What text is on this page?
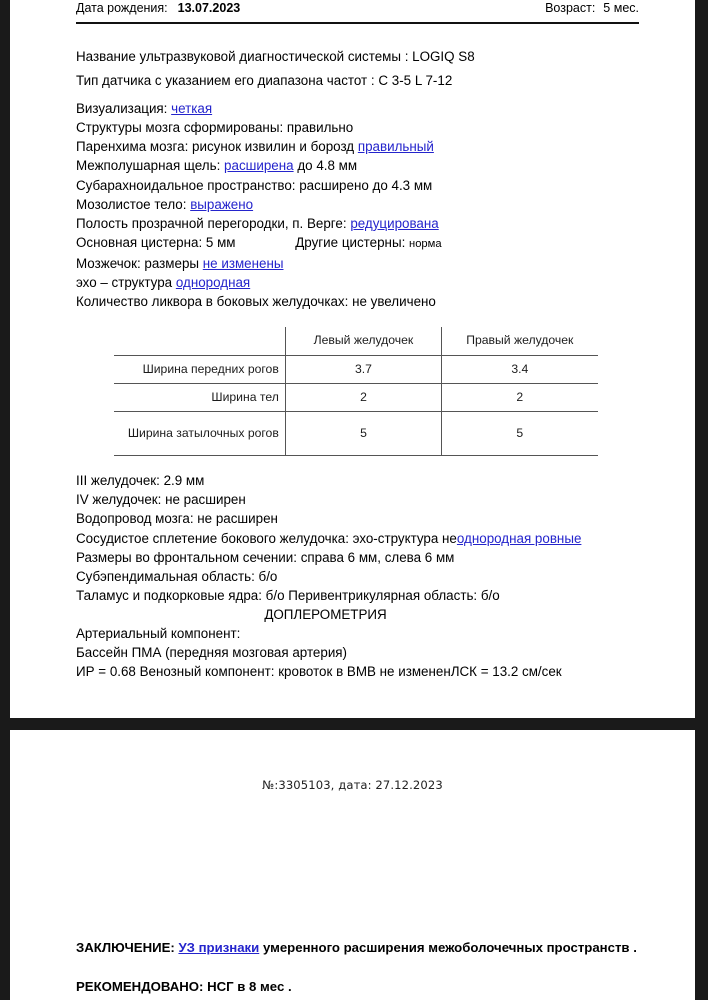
Дата рождения: 13.07.2023	Возраст: 5 мес.
Название ультразвуковой диагностической системы : LOGIQ S8
Тип датчика с указанием его диапазона частот : С 3-5 L 7-12
Визуализация: четкая
Структуры мозга сформированы: правильно
Паренхима мозга: рисунок извилин и борозд правильный
Межполушарная щель: расширена до 4.8 мм
Субарахноидальное пространство: расширено до 4.3 мм
Мозолистое тело: выражено
Полость прозрачной перегородки, п. Верге: редуцирована
Основная цистерна: 5 мм	Другие цистерны: норма
Мозжечок: размеры не изменены
эхо – структура однородная
Количество ликвора в боковых желудочках: не увеличено
	Левый желудочек	Правый желудочек
Ширина передних рогов	3.7	3.4
Ширина тел	2	2
Ширина затылочных рогов	5	5
III желудочек: 2.9 мм
IV желудочек: не расширен
Водопровод мозга: не расширен
Сосудистое сплетение бокового желудочка: эхо-структура неоднородная ровные
Размеры во фронтальном сечении: справа 6 мм, слева 6 мм
Субэпендимальная область: б/о
Таламус и подкорковые ядра: б/о Перивентрикулярная область: б/о
ДОПЛЕРОМЕТРИЯ
Артериальный компонент:
Бассейн ПМА (передняя мозговая артерия)
ИР = 0.68 Венозный компонент: кровоток в ВМВ не измененЛСК = 13.2 см/сек
№:3305103, дата: 27.12.2023
ЗАКЛЮЧЕНИЕ: УЗ признаки умеренного расширения межоболочечных пространств .
РЕКОМЕНДОВАНО: НСГ в 8 мес .
